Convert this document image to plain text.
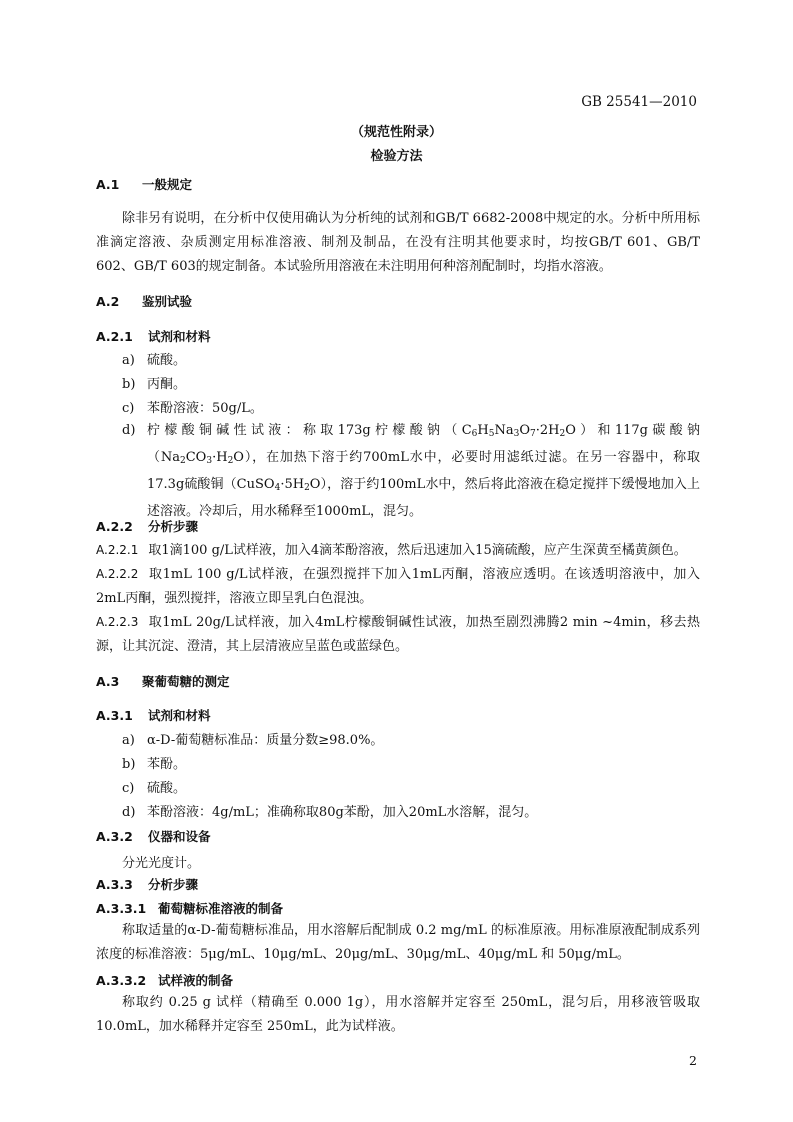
GB 25541—2010
（规范性附录）
检验方法
A.1 一般规定
除非另有说明，在分析中仅使用确认为分析纯的试剂和GB/T 6682-2008中规定的水。分析中所用标准滴定溶液、杂质测定用标准溶液、制剂及制品，在没有注明其他要求时，均按GB/T 601、GB/T 602、GB/T 603的规定制备。本试验所用溶液在未注明用何种溶剂配制时，均指水溶液。
A.2 鉴别试验
A.2.1 试剂和材料
a) 硫酸。
b) 丙酮。
c) 苯酚溶液：50g/L。
d) 柠檬酸铜碱性试液：称取173g柠檬酸钠$(C_6H_5Na_3O_7\cdot 2H_2O)$和117g碳酸钠$(Na_2CO_3\cdot H_2O)$，在加热下溶于约700mL水中，必要时用滤纸过滤。在另一容器中，称取17.3g硫酸铜$(CuSO_4\cdot 5H_2O)$，溶于约100mL水中，然后将此溶液在稳定搅拌下缓慢地加入上述溶液。冷却后，用水稀释至1000mL，混匀。
A.2.2 分析步骤
A.2.2.1 取1滴100 g/L试样液，加入4滴苯酚溶液，然后迅速加入15滴硫酸，应产生深黄至橘黄颜色。
A.2.2.2 取1mL 100 g/L试样液，在强烈搅拌下加入1mL丙酮，溶液应透明。在该透明溶液中，加入2mL丙酮，强烈搅拌，溶液立即呈乳白色混浊。
A.2.2.3 取1mL 20g/L试样液，加入4mL柠檬酸铜碱性试液，加热至剧烈沸腾2 min ~4min，移去热源，让其沉淀、澄清，其上层清液应呈蓝色或蓝绿色。
A.3 聚葡萄糖的测定
A.3.1 试剂和材料
a) α-D-葡萄糖标准品：质量分数≥98.0%。
b) 苯酚。
c) 硫酸。
d) 苯酚溶液：4g/mL；准确称取80g苯酚，加入20mL水溶解，混匀。
A.3.2 仪器和设备
分光光度计。
A.3.3 分析步骤
A.3.3.1 葡萄糖标准溶液的制备
称取适量的α-D-葡萄糖标准品，用水溶解后配制成 0.2 mg/mL 的标准原液。用标准原液配制成系列浓度的标准溶液：5μg/mL、10μg/mL、20μg/mL、30μg/mL、40μg/mL 和 50μg/mL。
A.3.3.2 试样液的制备
称取约 0.25 g 试样（精确至 0.000 1g），用水溶解并定容至 250mL，混匀后，用移液管吸取 10.0mL，加水稀释并定容至 250mL，此为试样液。
2
